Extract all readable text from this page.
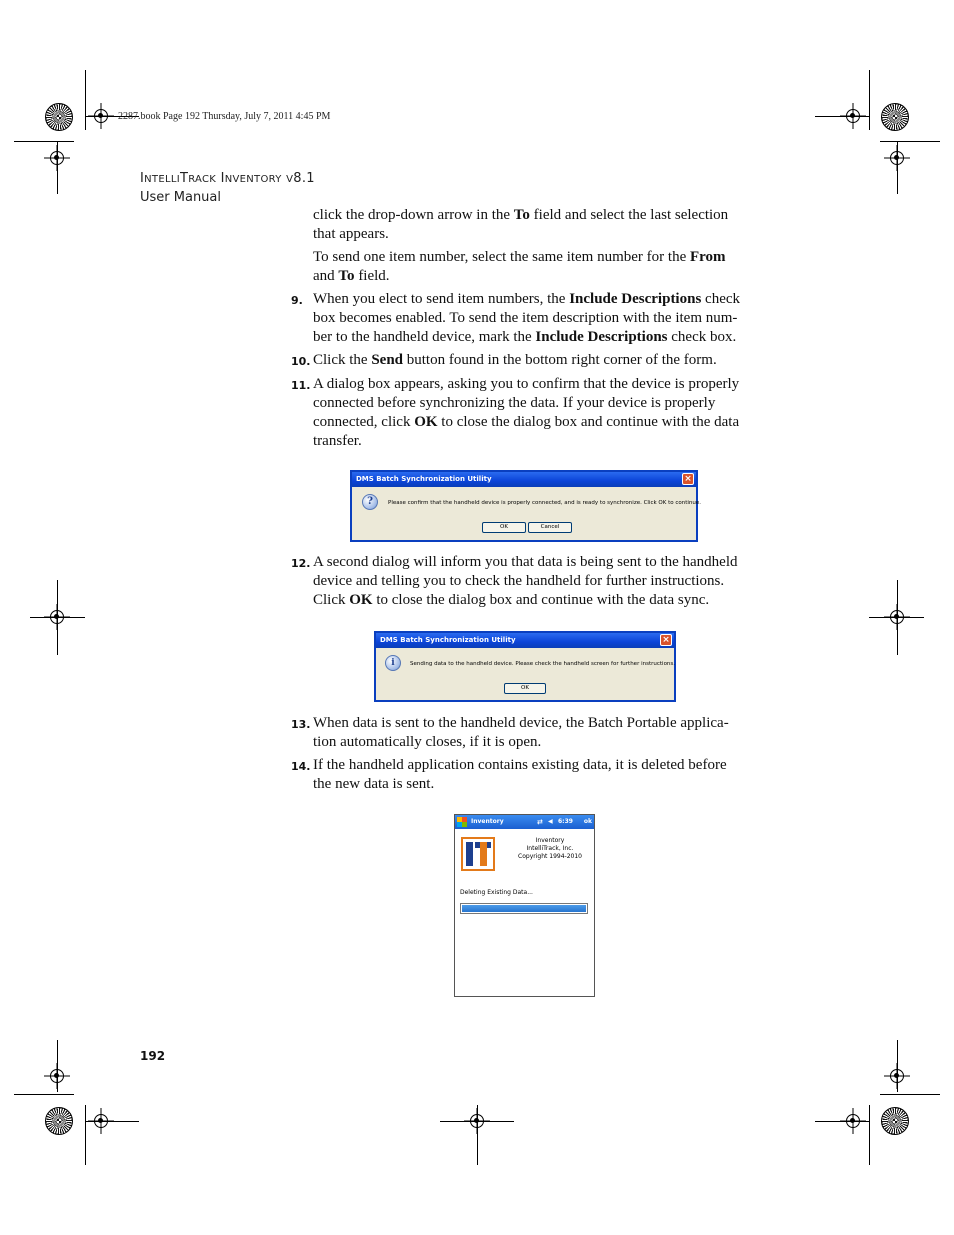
2287.book Page 192 Thursday, July 7, 2011 4:45 PM
INTELLITRACK INVENTORY V8.1
User Manual
click the drop-down arrow in the To field and select the last selection
that appears.
To send one item number, select the same item number for the From
and To field.
9. When you elect to send item numbers, the Include Descriptions check
box becomes enabled. To send the item description with the item num-
ber to the handheld device, mark the Include Descriptions check box.
10. Click the Send button found in the bottom right corner of the form.
11. A dialog box appears, asking you to confirm that the device is properly
connected before synchronizing the data. If your device is properly
connected, click OK to close the dialog box and continue with the data
transfer.
DMS Batch Synchronization Utility	×
?	Please confirm that the handheld device is properly connected, and is ready to synchronize. Click OK to continue.
OK	Cancel
12. A second dialog will inform you that data is being sent to the handheld
device and telling you to check the handheld for further instructions.
Click OK to close the dialog box and continue with the data sync.
DMS Batch Synchronization Utility	×
i	Sending data to the handheld device. Please check the handheld screen for further instructions.
OK
13. When data is sent to the handheld device, the Batch Portable applica-
tion automatically closes, if it is open.
14. If the handheld application contains existing data, it is deleted before
the new data is sent.
Inventory	⇄ ◀ 6:39 ok
Inventory
IntelliTrack, Inc.
Copyright 1994-2010
Deleting Existing Data...
192
